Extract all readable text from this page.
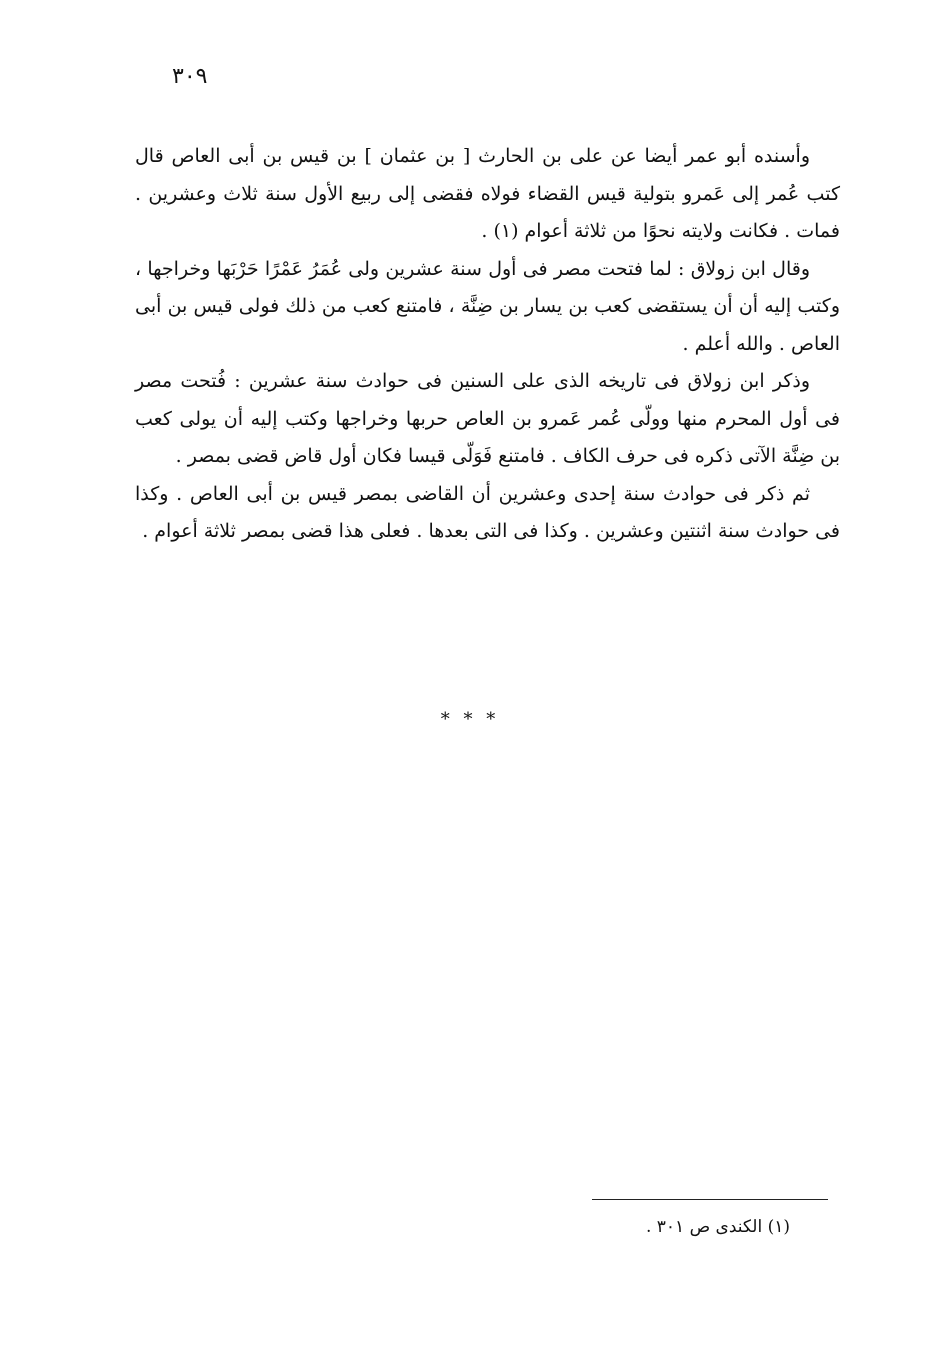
٣٠٩

وأسنده أبو عمر أيضا عن على بن الحارث [ بن عثمان ] بن قيس بن أبى العاص قال كتب عُمر إلى عَمرو بتولية قيس القضاء فولاه فقضى إلى ربيع الأول سنة ثلاث وعشرين . فمات . فكانت ولايته نحوًا من ثلاثة أعوام (١) .

وقال ابن زولاق : لما فتحت مصر فى أول سنة عشرين ولى عُمَرُ عَمْرًا حَرْبَها وخراجها ، وكتب إليه أن أن يستقضى كعب بن يسار بن ضِنَّة ، فامتنع كعب من ذلك فولى قيس بن أبى العاص . والله أعلم .

وذكر ابن زولاق فى تاريخه الذى على السنين فى حوادث سنة عشرين : فُتحت مصر فى أول المحرم منها وولّى عُمر عَمرو بن العاص حربها وخراجها وكتب إليه أن يولى كعب بن ضِنَّة الآتى ذكره فى حرف الكاف . فامتنع فَوَلّى قيسا فكان أول قاض قضى بمصر .

ثم ذكر فى حوادث سنة إحدى وعشرين أن القاضى بمصر قيس بن أبى العاص . وكذا فى حوادث سنة اثنتين وعشرين . وكذا فى التى بعدها . فعلى هذا قضى بمصر ثلاثة أعوام .

* * *
(١) الكندى ص ٣٠١ .
